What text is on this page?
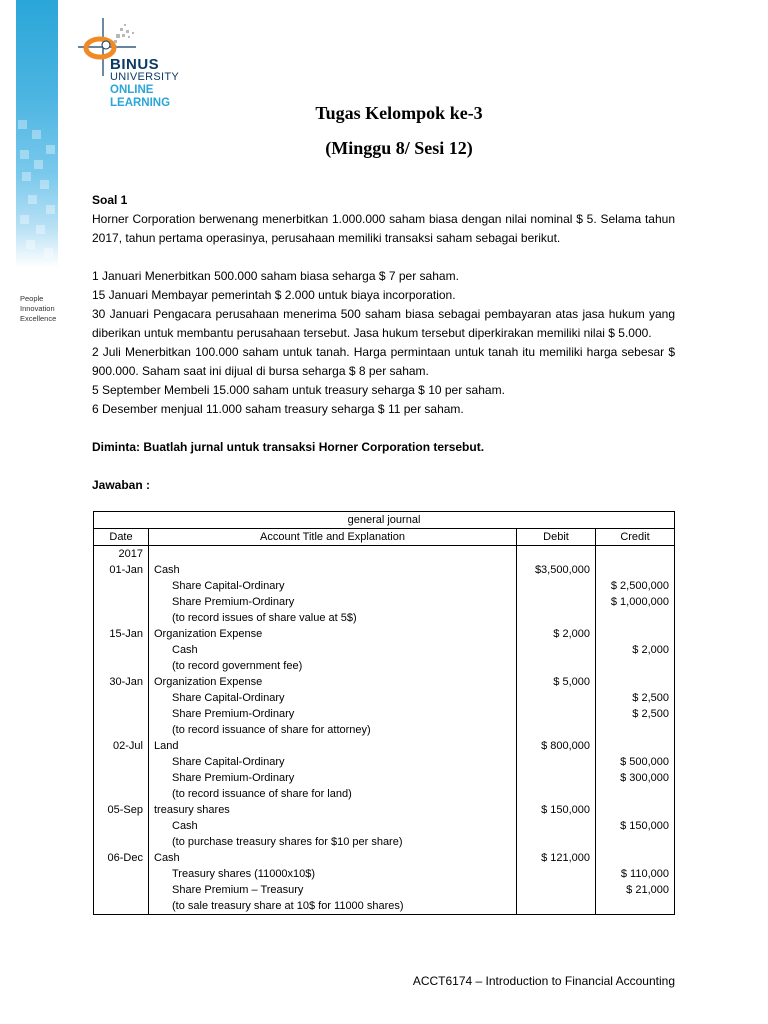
People
Innovation
Excellence
BINUS
UNIVERSITY
ONLINE
LEARNING	Tugas Kelompok ke-3
(Minggu 8/ Sesi 12)

Soal 1

Horner Corporation berwenang menerbitkan 1.000.000 saham biasa dengan nilai nominal $ 5. Selama tahun 2017, tahun pertama operasinya, perusahaan memiliki transaksi saham sebagai berikut.

1 Januari Menerbitkan 500.000 saham biasa seharga $ 7 per saham.

15 Januari Membayar pemerintah $ 2.000 untuk biaya incorporation.

30 Januari Pengacara perusahaan menerima 500 saham biasa sebagai pembayaran atas jasa hukum yang diberikan untuk membantu perusahaan tersebut. Jasa hukum tersebut diperkirakan memiliki nilai $ 5.000.

2 Juli Menerbitkan 100.000 saham untuk tanah. Harga permintaan untuk tanah itu memiliki harga sebesar $ 900.000. Saham saat ini dijual di bursa seharga $ 8 per saham.

5 September Membeli 15.000 saham untuk treasury seharga $ 10 per saham.

6 Desember menjual 11.000 saham treasury seharga $ 11 per saham.

Diminta: Buatlah jurnal untuk transaksi Horner Corporation tersebut.

Jawaban :

general journal			
Date	Account Title and Explanation	Debit	Credit
2017			
01-Jan	Cash	$3,500,000	
	Share Capital-Ordinary		$ 2,500,000
	Share Premium-Ordinary		$ 1,000,000
	(to record issues of share value at 5$)		
15-Jan	Organization Expense	$ 2,000	
	Cash		$ 2,000
	(to record government fee)		
30-Jan	Organization Expense	$ 5,000	
	Share Capital-Ordinary		$ 2,500
	Share Premium-Ordinary		$ 2,500
	(to record issuance of share for attorney)		
02-Jul	Land	$ 800,000	
	Share Capital-Ordinary		$ 500,000
	Share Premium-Ordinary		$ 300,000
	(to record issuance of share for land)		
05-Sep	treasury shares	$ 150,000	
	Cash		$ 150,000
	(to purchase treasury shares for $10 per share)		
06-Dec	Cash	$ 121,000	
	Treasury shares (11000x10$)		$ 110,000
	Share Premium – Treasury		$ 21,000
	(to sale treasury share at 10$ for 11000 shares)		
ACCT6174 – Introduction to Financial Accounting
